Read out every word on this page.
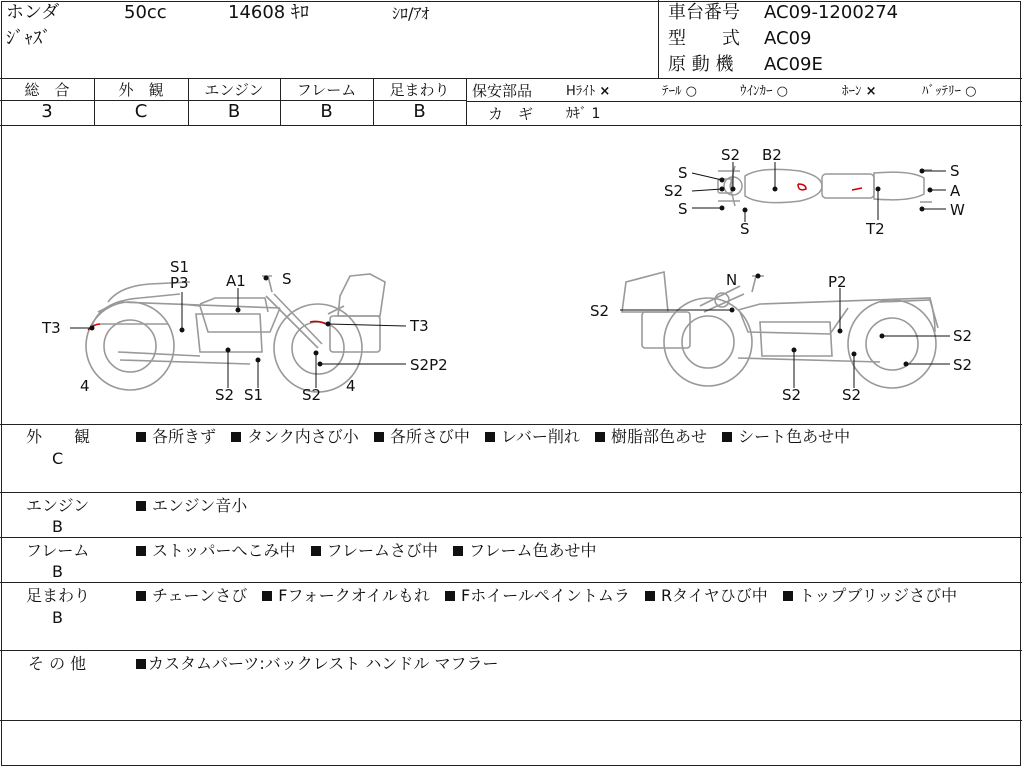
ホンダ	50cc	14608 ｷﾛ	ｼﾛ/ｱｵ
ｼﾞｬｽﾞ
車台番号 AC09-1200274
型　　式 AC09
原 動 機 AC09E
総　合
3
外　観
C
エンジン
B
フレーム
B
足まわり
B
保安部品	Hﾗｲﾄ ×	ﾃｰﾙ ○	ｳｲﾝｶｰ ○	ﾎｰﾝ ×	ﾊﾞｯﾃﾘｰ ○
カ　ギ ｶｷﾞ 1
S2 B2
S
S2
S
S	T2
S
A
W
S1
P3 A1 S
T3	T3
4	S2 S1	S2 4
S2P2
N	P2
S2
S2
S2
S2	S2
外　　観
C
各所きず タンク内さび小 各所さび中 レバー削れ 樹脂部色あせ シート色あせ中
エンジン
B
エンジン音小
フレーム
B
ストッパーへこみ中 フレームさび中 フレーム色あせ中
足まわり
B
チェーンさび Fフォークオイルもれ Fホイールペイントムラ Rタイヤひび中 トップブリッジさび中
そ の 他	カスタムパーツ:バックレスト ハンドル マフラー
